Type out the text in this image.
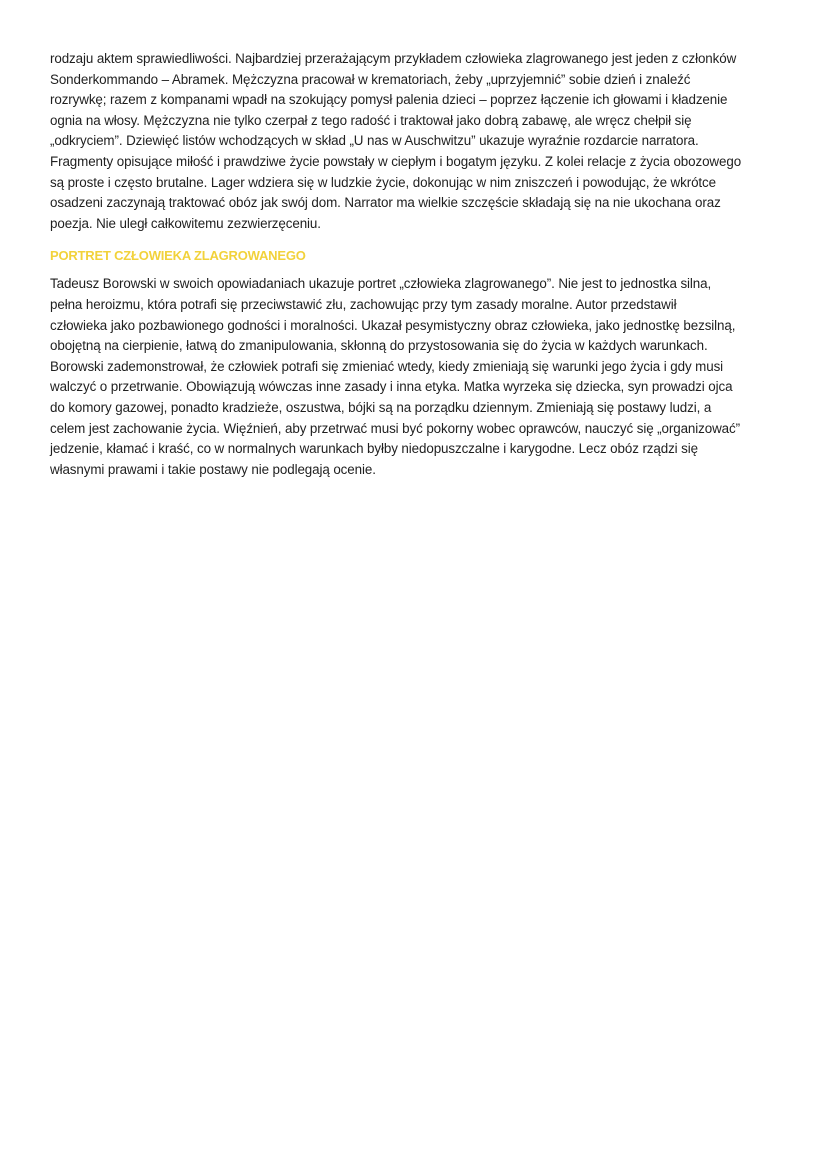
rodzaju aktem sprawiedliwości. Najbardziej przerażającym przykładem człowieka zlagrowanego jest jeden z członków
Sonderkommando – Abramek. Mężczyzna pracował w krematoriach, żeby „uprzyjemnić” sobie dzień i znaleźć
rozrywkę; razem z kompanami wpadł na szokujący pomysł palenia dzieci – poprzez łączenie ich głowami i kładzenie
ognia na włosy. Mężczyzna nie tylko czerpał z tego radość i traktował jako dobrą zabawę, ale wręcz chełpił się
„odkryciem”. Dziewięć listów wchodzących w skład „U nas w Auschwitzu” ukazuje wyraźnie rozdarcie narratora.
Fragmenty opisujące miłość i prawdziwe życie powstały w ciepłym i bogatym języku. Z kolei relacje z życia obozowego
są proste i często brutalne. Lager wdziera się w ludzkie życie, dokonując w nim zniszczeń i powodując, że wkrótce
osadzeni zaczynają traktować obóz jak swój dom. Narrator ma wielkie szczęście składają się na nie ukochana oraz
poezja. Nie uległ całkowitemu zezwierzęceniu.

PORTRET CZŁOWIEKA ZLAGROWANEGO

Tadeusz Borowski w swoich opowiadaniach ukazuje portret „człowieka zlagrowanego”. Nie jest to jednostka silna,
pełna heroizmu, która potrafi się przeciwstawić złu, zachowując przy tym zasady moralne. Autor przedstawił
człowieka jako pozbawionego godności i moralności. Ukazał pesymistyczny obraz człowieka, jako jednostkę bezsilną,
obojętną na cierpienie, łatwą do zmanipulowania, skłonną do przystosowania się do życia w każdych warunkach.
Borowski zademonstrował, że człowiek potrafi się zmieniać wtedy, kiedy zmieniają się warunki jego życia i gdy musi
walczyć o przetrwanie. Obowiązują wówczas inne zasady i inna etyka. Matka wyrzeka się dziecka, syn prowadzi ojca
do komory gazowej, ponadto kradzieże, oszustwa, bójki są na porządku dziennym. Zmieniają się postawy ludzi, a
celem jest zachowanie życia. Więźnień, aby przetrwać musi być pokorny wobec oprawców, nauczyć się „organizować”
jedzenie, kłamać i kraść, co w normalnych warunkach byłby niedopuszczalne i karygodne. Lecz obóz rządzi się
własnymi prawami i takie postawy nie podlegają ocenie.
